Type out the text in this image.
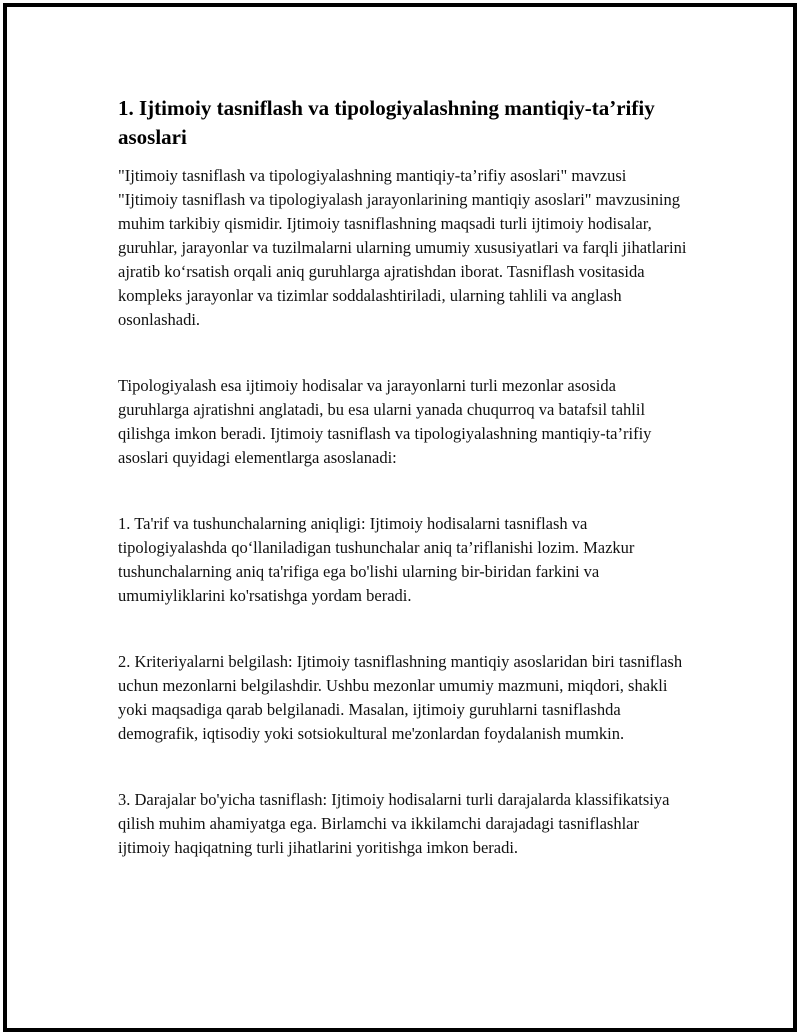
1. Ijtimoiy tasniflash va tipologiyalashning mantiqiy-ta’rifiy asoslari

"Ijtimoiy tasniflash va tipologiyalashning mantiqiy-ta’rifiy asoslari" mavzusi "Ijtimoiy tasniflash va tipologiyalash jarayonlarining mantiqiy asoslari" mavzusining muhim tarkibiy qismidir. Ijtimoiy tasniflashning maqsadi turli ijtimoiy hodisalar, guruhlar, jarayonlar va tuzilmalarni ularning umumiy xususiyatlari va farqli jihatlarini ajratib ko‘rsatish orqali aniq guruhlarga ajratishdan iborat. Tasniflash vositasida kompleks jarayonlar va tizimlar soddalashtiriladi, ularning tahlili va anglash osonlashadi.

Tipologiyalash esa ijtimoiy hodisalar va jarayonlarni turli mezonlar asosida guruhlarga ajratishni anglatadi, bu esa ularni yanada chuqurroq va batafsil tahlil qilishga imkon beradi. Ijtimoiy tasniflash va tipologiyalashning mantiqiy-ta’rifiy asoslari quyidagi elementlarga asoslanadi:

1. Ta'rif va tushunchalarning aniqligi: Ijtimoiy hodisalarni tasniflash va tipologiyalashda qo‘llaniladigan tushunchalar aniq ta’riflanishi lozim. Mazkur tushunchalarning aniq ta'rifiga ega bo'lishi ularning bir-biridan farkini va umumiyliklarini ko'rsatishga yordam beradi.

2. Kriteriyalarni belgilash: Ijtimoiy tasniflashning mantiqiy asoslaridan biri tasniflash uchun mezonlarni belgilashdir. Ushbu mezonlar umumiy mazmuni, miqdori, shakli yoki maqsadiga qarab belgilanadi. Masalan, ijtimoiy guruhlarni tasniflashda demografik, iqtisodiy yoki sotsiokultural me'zonlardan foydalanish mumkin.

3. Darajalar bo'yicha tasniflash: Ijtimoiy hodisalarni turli darajalarda klassifikatsiya qilish muhim ahamiyatga ega. Birlamchi va ikkilamchi darajadagi tasniflashlar ijtimoiy haqiqatning turli jihatlarini yoritishga imkon beradi.
